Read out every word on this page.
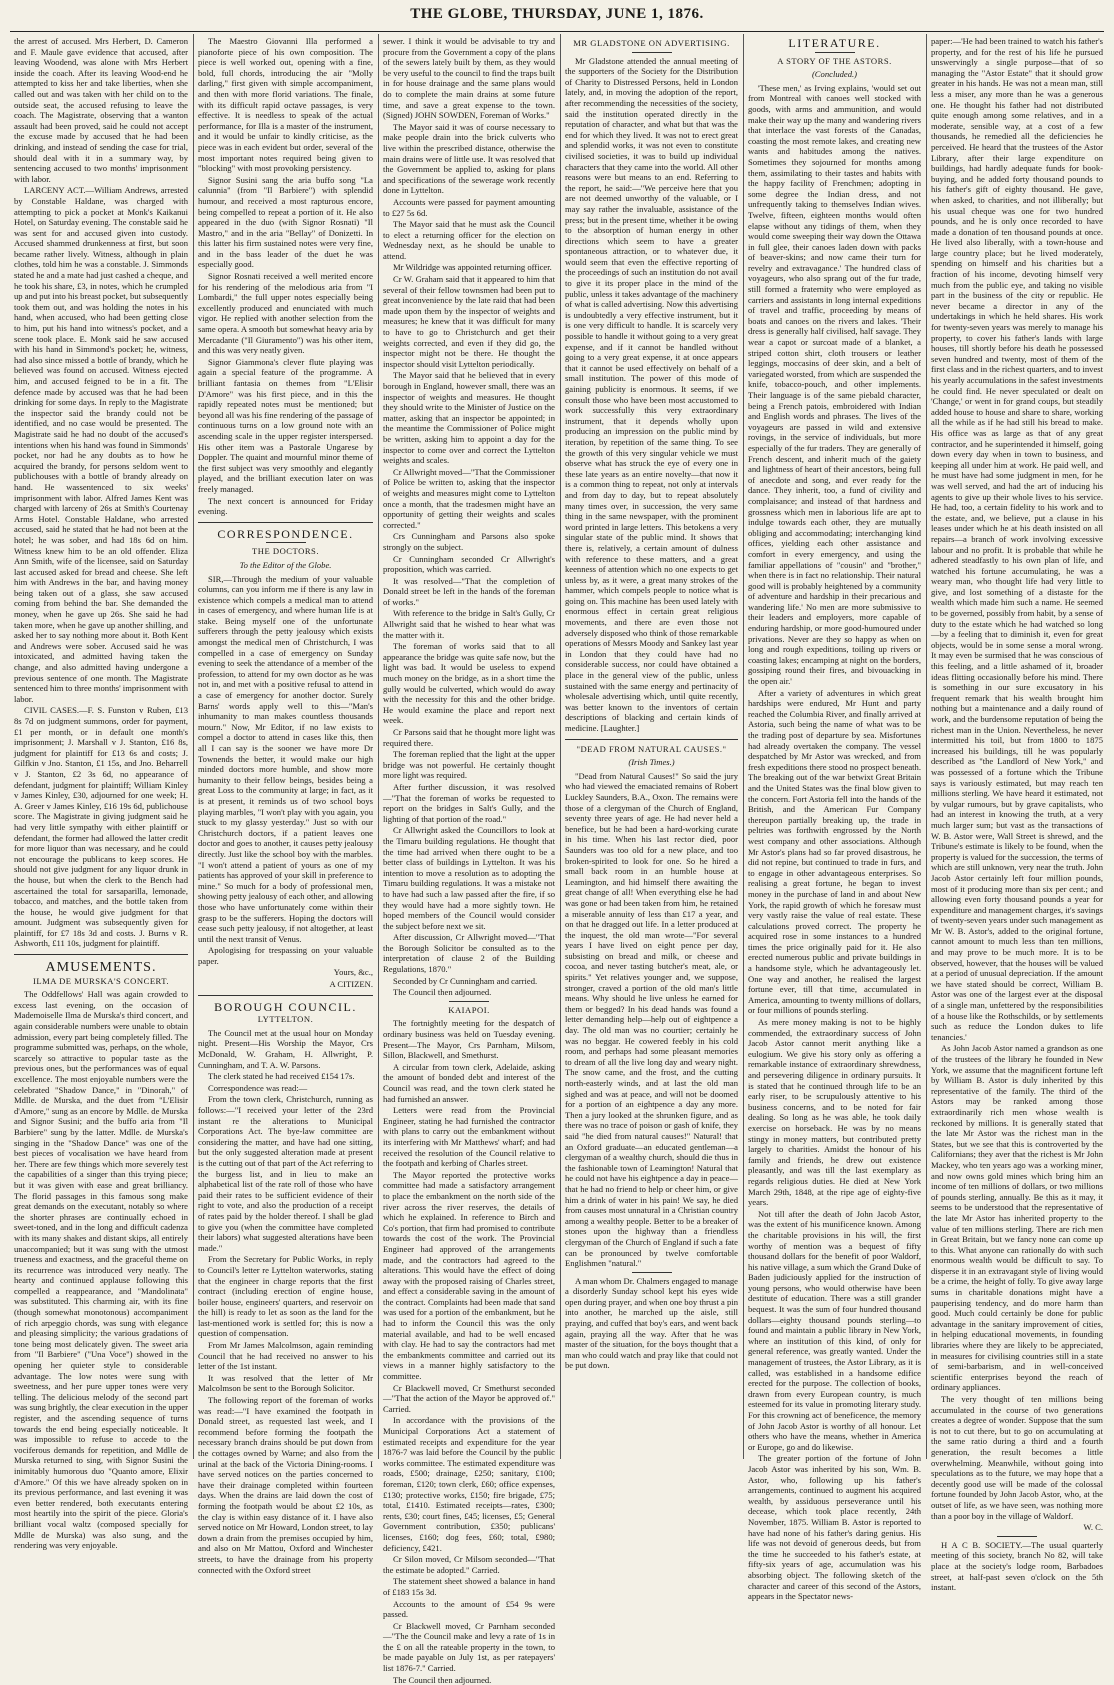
THE GLOBE, THURSDAY, JUNE 1, 1876.

the arrest of accused. Mrs Herbert, D. Cameron and F. Maule gave evidence that accused, after leaving Woodend, was alone with Mrs Herbert inside the coach. After its leaving Wood-end he attempted to kiss her and take liberties, when she called out and was taken with her child on to the outside seat, the accused refusing to leave the coach. The Magistrate, observing that a wanton assault had been proved, said he could not accept the excuse made by accused that he had been drinking, and instead of sending the case for trial, should deal with it in a summary way, by sentencing accused to two months' imprisonment with labor.

LARCENY ACT.—William Andrews, arrested by Constable Haldane, was charged with attempting to pick a pocket at Monk's Kaikanui Hotel, on Saturday evening. The constable said he was sent for and accused given into custody. Accused shammed drunkenness at first, but soon became rather lively. Witness, although in plain clothes, told him he was a constable. J. Simmonds stated he and a mate had just cashed a cheque, and he took his share, £3, in notes, which he crumpled up and put into his breast pocket, but subsequently took them out, and was holding the notes in his hand, when accused, who had been getting close to him, put his hand into witness's pocket, and a scene took place. E. Monk said he saw accused with his hand in Simmond's pocket; he, witness, had also since missed a bottle of brandy, which he believed was found on accused. Witness ejected him, and accused feigned to be in a fit. The defence made by accused was that he had been drinking for some days. In reply to the Magistrate the inspector said the brandy could not be identified, and no case would be presented. The Magistrate said he had no doubt of the accused's intentions when his hand was found in Simmonds' pocket, nor had he any doubts as to how he acquired the brandy, for persons seldom went to publichouses with a bottle of brandy already on hand. He wassentenced to six weeks' imprisonment with labor. Alfred James Kent was charged with larceny of 26s at Smith's Courtenay Arms Hotel. Constable Haldane, who arrested accused, said he stated that he had not been at the hotel; he was sober, and had 18s 6d on him. Witness knew him to be an old offender. Eliza Ann Smith, wife of the licensee, said on Saturday last accused asked for bread and cheese. She left him with Andrews in the bar, and having money being taken out of a glass, she saw accused coming from behind the bar. She demanded the money, when he gave up 26s. She said he had taken more, when he gave up another shilling, and asked her to say nothing more about it. Both Kent and Andrews were sober. Accused said he was intoxicated, and admitted having taken the change, and also admitted having undergone a previous sentence of one month. The Magistrate sentenced him to three months' imprisonment with labor.

CIVIL CASES.—F. S. Funston v Ruben, £13 8s 7d on judgment summons, order for payment, £1 per month, or in default one month's imprisonment; J. Marshall v J. Stanton, £16 8s, judgment for plaintiff for £13 6s and costs; J. Gilfkin v Jno. Stanton, £1 15s, and Jno. Beharrell v J. Stanton, £2 3s 6d, no appearance of defendant, judgment for plaintiff; William Kinley v James Kinley, £30, adjourned for one week; H. A. Greer v James Kinley, £16 19s 6d, publichouse score. The Magistrate in giving judgment said he had very little sympathy with either plaintiff or defendant, the former had allowed the latter credit for more liquor than was necessary, and he could not encourage the publicans to keep scores. He should not give judgment for any liquor drunk in the house, but when the clerk to the Bench had ascertained the total for sarsaparilla, lemonade, tobacco, and matches, and the bottle taken from the house, he would give judgment for that amount. Judgment was subsequently given for plaintiff, for £7 18s 3d and costs. J. Burns v R. Ashworth, £11 10s, judgment for plaintiff.

AMUSEMENTS.
ILMA DE MURSKA'S CONCERT.

The Oddfellows' Hall was again crowded to excess last evening, on the occasion of Mademoiselle Ilma de Murska's third concert, and again considerable numbers were unable to obtain admission, every part being completely filled. The programme submitted was, perhaps, on the whole, scarcely so attractive to popular taste as the previous ones, but the performances was of equal excellence. The most enjoyable numbers were the celebrated "Shadow Dance," in "Dinorah," of Mdlle. de Murska, and the duet from "L'Elisir d'Amore," sung as an encore by Mdlle. de Murska and Signor Susini; and the buffo aria from "Il Barbiere" sung by the latter. Mdlle. de Murska's singing in the "Shadow Dance" was one of the best pieces of vocalisation we have heard from her. There are few things which more severely test the capabilities of a singer than this trying piece; but it was given with ease and great brilliancy. The florid passages in this famous song make great demands on the executant, notably so where the shorter phrases are continually echoed in sweet-toned, and in the long and difficult cadenza with its many shakes and distant skips, all entirely unaccompanied; but it was sung with the utmost trueness and exactness, and the graceful theme on its recurrence was introduced very neatly. The hearty and continued applause following this compelled a reappearance, and "Mandolinata" was substituted. This charming air, with its fine (though somewhat monotonous) accompaniment of rich arpeggio chords, was sung with elegance and pleasing simplicity; the various gradations of tone being most delicately given. The sweet aria from "Il Barbiere" ("Una Voce") showed in the opening her quieter style to considerable advantage. The low notes were sung with sweetness, and her pure upper tones were very telling. The delicious melody of the second part was sung brightly, the clear execution in the upper register, and the ascending sequence of turns towards the end being especially noticeable. It was impossible to refuse to accede to the vociferous demands for repetition, and Mdlle de Murska returned to sing, with Signor Susini the inimitably humorous duo "Quanto amore, Elixir d'Amore." Of this we have already spoken on in its previous performance, and last evening it was even better rendered, both executants entering most heartily into the spirit of the piece. Gloria's brilliant vocal waltz (composed specially for Mdlle de Murska) was also sung, and the rendering was very enjoyable.

The Maestro Giovanni Illa performed a pianoforte piece of his own composition. The piece is well worked out, opening with a fine, bold, full chords, introducing the air "Molly darling," first given with simple accompaniment, and then with more florid variations. The finale, with its difficult rapid octave passages, is very effective. It is needless to speak of the actual performance, for Illa is a master of the instrument, and it would be unfair to kindly criticise, as the piece was in each evident but order, several of the most important notes required being given to "blocking" with most provoking persistency.

Signor Susini sang the aria buffo song "La calunnia" (from "Il Barbiere") with splendid humour, and received a most rapturous encore, being compelled to repeat a portion of it. He also appeared in the duo (with Signor Rosnati) "Il Mastro," and in the aria "Bellay" of Donizetti. In this latter his firm sustained notes were very fine, and in the bass leader of the duet he was especially good.

Signor Rosnati received a well merited encore for his rendering of the melodious aria from "I Lombardi," the full upper notes especially being excellently produced and enunciated with much vigor. He replied with another selection from the same opera. A smooth but somewhat heavy aria by Mercadante ("Il Giuramento") was his other item, and this was very neatly given.

Signor Giammona's clever flute playing was again a special feature of the programme. A brilliant fantasia on themes from "L'Elisir D'Amore" was his first piece, and in this the rapidly repeated notes must be mentioned; but beyond all was his fine rendering of the passage of continuous turns on a low ground note with an ascending scale in the upper register interspersed. His other item was a Pastorale Ungarese by Doppler. The quaint and mournful minor theme of the first subject was very smoothly and elegantly played, and the brilliant execution later on was freely managed.

The next concert is announced for Friday evening.

CORRESPONDENCE.
THE DOCTORS.
To the Editor of the Globe.

SIR,—Through the medium of your valuable columns, can you inform me if there is any law in existence which compels a medical man to attend in cases of emergency, and where human life is at stake. Being myself one of the unfortunate sufferers through the petty jealousy which exists amongst the medical men of Christchurch, I was compelled in a case of emergency on Sunday evening to seek the attendance of a member of the profession, to attend for my own doctor as he was not in, and met with a positive refusal to attend in a case of emergency for another doctor. Surely Barns' words apply well to this—"Man's inhumanity to man makes countless thousands mourn." Now, Mr Editor, if no law exists to compel a doctor to attend in cases like this, then all I can say is the sooner we have more Dr Townends the better, it would make our high minded doctors more humble, and show more humanity to their fellow beings, besides being a great Loss to the community at large; in fact, as it is at present, it reminds us of two school boys playing marbles, "I won't play with you again, you stuck to my glassy yesterday." Just so with our Christchurch doctors, if a patient leaves one doctor and goes to another, it causes petty jealousy directly. Just like the school boy with the marbles. "I won't attend a patient of yours as one of my patients has approved of your skill in preference to mine." So much for a body of professional men, showing petty jealousy of each other, and allowing those who have unfortunately come within their grasp to be the sufferers. Hoping the doctors will cease such petty jealousy, if not altogether, at least until the next transit of Venus.

Apologising for trespassing on your valuable paper.

Yours, &c.,

A CITIZEN.

BOROUGH COUNCIL.
LYTTELTON.

The Council met at the usual hour on Monday night. Present—His Worship the Mayor, Crs McDonald, W. Graham, H. Allwright, P. Cunningham, and T. A. W. Parsons.

The clerk stated he had received £154 17s.

Correspondence was read:—

From the town clerk, Christchurch, running as follows:—"I received your letter of the 23rd instant re the alterations to Municipal Corporations Act. The bye-law committee are considering the matter, and have had one sitting, but the only suggested alteration made at present is the cutting out of that part of the Act referring to the burgess list, and in lieu to make an alphabetical list of the rate roll of those who have paid their rates to be sufficient evidence of their right to vote, and also the production of a receipt of rates paid by the holder thereof. I shall be glad to give you (when the committee have completed their labors) what suggested alterations have been made."

From the Secretary for Public Works, in reply to Council's letter re Lyttelton waterworks, stating that the engineer in charge reports that the first contract (including erection of engine house, boiler house, engineers' quarters, and reservoir on the hill) is ready to let as soon as the land for the last-mentioned work is settled for; this is now a question of compensation.

From Mr James Malcolmson, again reminding Council that he had received no answer to his letter of the 1st instant.

It was resolved that the letter of Mr Malcolmson be sent to the Borough Solicitor.

The following report of the foreman of works was read:—"I have examined the footpath in Donald street, as requested last week, and I recommend before forming the footpath the necessary branch drains should be put down from the cottages owned by Warne; and also from the urinal at the back of the Victoria Dining-rooms. I have served notices on the parties concerned to have their drainage completed within fourteen days. When the drains are laid down the cost of forming the footpath would be about £2 10s, as the clay is within easy distance of it. I have also served notice on Mr Howard, London street, to lay down a drain from the premises occupied by him, and also on Mr Mattou, Oxford and Winchester streets, to have the drainage from his property connected with the Oxford street

sewer. I think it would be advisable to try and procure from the Government a copy of the plans of the sewers lately built by them, as they would be very useful to the council to find the traps built in for house drainage and the same plans would do to complete the main drains at some future time, and save a great expense to the town. (Signed) JOHN SOWDEN, Foreman of Works."

The Mayor said it was of course necessary to make people drain into the brick culverts who live within the prescribed distance, otherwise the main drains were of little use. It was resolved that the Government be applied to, asking for plans and specifications of the sewerage work recently done in Lyttelton.

Accounts were passed for payment amounting to £27 5s 6d.

The Mayor said that he must ask the Council to elect a returning officer for the election on Wednesday next, as he should be unable to attend.

Mr Wildridge was appointed returning officer.

Cr W. Graham said that it appeared to him that several of their fellow townsmen had been put to great inconvenience by the late raid that had been made upon them by the inspector of weights and measures; he knew that it was difficult for many to have to go to Christchurch and get their weights corrected, and even if they did go, the inspector might not be there. He thought the inspector should visit Lyttelton periodically.

The Mayor said that he believed that in every borough in England, however small, there was an inspector of weights and measures. He thought they should write to the Minister of Justice on the matter, asking that an inspector be appointed; in the meantime the Commissioner of Police might be written, asking him to appoint a day for the inspector to come over and correct the Lyttelton weights and scales.

Cr Allwright moved—"That the Commissioner of Police be written to, asking that the inspector of weights and measures might come to Lyttelton once a month, that the tradesmen might have an opportunity of getting their weights and scales corrected."

Crs Cunningham and Parsons also spoke strongly on the subject.

Cr Cunningham seconded Cr Allwright's proposition, which was carried.

It was resolved—"That the completion of Donald street be left in the hands of the foreman of works."

With reference to the bridge in Salt's Gully, Cr Allwright said that he wished to hear what was the matter with it.

The foreman of works said that to all appearance the bridge was quite safe now, but the light was bad. It would be useless to expend much money on the bridge, as in a short time the gully would be culverted, which would do away with the necessity for this and the other bridge. He would examine the place and report next week.

Cr Parsons said that he thought more light was required there.

The foreman replied that the light at the upper bridge was not powerful. He certainly thought more light was required.

After further discussion, it was resolved—"That the foreman of works be requested to report on the bridges in Salt's Gully, and the lighting of that portion of the road."

Cr Allwright asked the Councillors to look at the Timaru building regulations. He thought that the time had arrived when there ought to be a better class of buildings in Lyttelton. It was his intention to move a resolution as to adopting the Timaru building regulations. It was a mistake not to have had such a law passed after the fire, if so they would have had a more sightly town. He hoped members of the Council would consider the subject before next we sit.

After discussion, Cr Allwright moved—"That the Borough Solicitor be consulted as to the interpretation of clause 2 of the Building Regulations, 1870."

Seconded by Cr Cunningham and carried.

The Council then adjourned.

KAIAPOI.

The fortnightly meeting for the despatch of ordinary business was held on Tuesday evening. Present—The Mayor, Crs Parnham, Milsom, Sillon, Blackwell, and Smethurst.

A circular from town clerk, Adelaide, asking the amount of bonded debt and interest of the Council was read, and the town clerk stated he had furnished an answer.

Letters were read from the Provincial Engineer, stating he had furnished the contractor with plans to carry out the embankment without its interfering with Mr Matthews' wharf; and had received the resolution of the Council relative to the footpath and kerbing of Charles street.

The Mayor reported the protective works committee had made a satisfactory arrangement to place the embankment on the north side of the river across the river reserves, the details of which he explained. In reference to Birch and Co's portion, that firm had promised to contribute towards the cost of the work. The Provincial Engineer had approved of the arrangements made, and the contractors had agreed to the alterations. This would have the effect of doing away with the proposed raising of Charles street, and effect a considerable saving in the amount of the contract. Complaints had been made that sand was used for a portion of the embankment, but he had to inform the Council this was the only material available, and had to be well encased with clay. He had to say the contractors had met the embankments committee and carried out its views in a manner highly satisfactory to the committee.

Cr Blackwell moved, Cr Smethurst seconded—"That the action of the Mayor be approved of." Carried.

In accordance with the provisions of the Municipal Corporations Act a statement of estimated receipts and expenditure for the year 1876-7 was laid before the Council by the public works committee. The estimated expenditure was roads, £500; drainage, £250; sanitary, £100; foreman, £120; town clerk, £60; office expenses, £130; protective works, £150; fire brigade, £75; total, £1410. Estimated receipts—rates, £300; rents, £30; court fines, £45; licenses, £5; General Government contribution, £350; publicans' licenses, £160; dog fees, £60; total, £980; deficiency, £421.

Cr Silon moved, Cr Milsom seconded—"That the estimate be adopted." Carried.

The statement sheet showed a balance in hand of £183 15s 3d.

Accounts to the amount of £54 9s were passed.

Cr Blackwell moved, Cr Parnham seconded—"The the Council make and levy a rate of 1s in the £ on all the rateable property in the town, to be made payable on July 1st, as per ratepayers' list 1876-7." Carried.

The Council then adjourned.

MR GLADSTONE ON ADVERTISING.

Mr Gladstone attended the annual meeting of the supporters of the Society for the Distribution of Charity to Distressed Persons, held in London lately, and, in moving the adoption of the report, after recommending the necessities of the society, said the institution operated directly in the reputation of character, and what but that was the end for which they lived. It was not to erect great and splendid works, it was not even to constitute civilised societies, it was to build up individual characters that they came into the world. All other reasons were but means to an end. Referring to the report, he said:—"We perceive here that you are not deemed unworthy of the valuable, or I may say rather the invaluable, assistance of the press; but in the present time, whether it be owing to the absorption of human energy in other directions which seem to have a greater spontaneous attraction, or to whatever due, it would seem that even the effective reporting of the proceedings of such an institution do not avail to give it its proper place in the mind of the public, unless it takes advantage of the machinery of what is called advertising. Now this advertising is undoubtedly a very effective instrument, but it is one very difficult to handle. It is scarcely very possible to handle it without going to a very great expense, and if it cannot be handled without going to a very great expense, it at once appears that it cannot be used effectively on behalf of a small institution. The power of this mode of gaining publicity is enormous. It seems, if we consult those who have been most accustomed to work successfully this very extraordinary instrument, that it depends wholly upon producing an impression on the public mind by iteration, by repetition of the same thing. To see the growth of this very singular vehicle we must observe what has struck the eye of every one in these late years as an entire novelty—that now it is a common thing to repeat, not only at intervals and from day to day, but to repeat absolutely many times over, in succession, the very same thing in the same newspaper, with the prominent word printed in large letters. This betokens a very singular state of the public mind. It shows that there is, relatively, a certain amount of dulness with reference to these matters, and a great keenness of attention which no one expects to get unless by, as it were, a great many strokes of the hammer, which compels people to notice what is going on. This machine has been used lately with enormous effect in certain great religious movements, and there are even those not adversely disposed who think of those remarkable operations of Messrs Moody and Sankey last year in London that they could have had no considerable success, nor could have obtained a place in the general view of the public, unless sustained with the same energy and pertinacity of wholesale advertising which, until quite recently, was better known to the inventors of certain descriptions of blacking and certain kinds of medicine. [Laughter.]

"DEAD FROM NATURAL CAUSES."
(Irish Times.)

"Dead from Natural Causes!" So said the jury who had viewed the emaciated remains of Robert Luckley Saunders, B.A., Oxon. The remains were those of a clergyman of the Church of England, seventy three years of age. He had never held a benefice, but he had been a hard-working curate in his time. When his last rector died, poor Saunders was too old for a new place, and too broken-spirited to look for one. So he hired a small back room in an humble house at Leamington, and hid himself there awaiting the great change of all! When everything else he had was gone or had been taken from him, he retained a miserable annuity of less than £17 a year, and on that he dragged out life. In a letter produced at the inquest, the old man wrote—"For several years I have lived on eight pence per day, subsisting on bread and milk, or cheese and cocoa, and never tasting butcher's meat, ale, or spirits." Yet relatives younger and, we suppose, stronger, craved a portion of the old man's little means. Why should he live unless he earned for them or begged? In his dead hands was found a letter demanding help—help out of eightpence a day. The old man was no courtier; certainly he was no beggar. He cowered feebly in his cold room, and perhaps had some pleasant memories to dream of all the live long day and weary night. The snow came, and the frost, and the cutting north-easterly winds, and at last the old man sighed and was at peace, and will not be doomed for a portion of an eightpence a day any more. Then a jury looked at the shrunken figure, and as there was no trace of poison or gash of knife, they said "he died from natural causes!" Natural! that an Oxford graduate—an educated gentleman—a clergyman of a wealthy church, should die thus in the fashionable town of Leamington! Natural that he could not have his eightpence a day in peace—that he had no friend to help or cheer him, or give him a drink of water in his pain! We say, he died from causes most unnatural in a Christian country among a wealthy people. Better to be a breaker of stones upon the highway than a friendless clergyman of the Church of England if such a fate can be pronounced by twelve comfortable Englishmen "natural."

A man whom Dr. Chalmers engaged to manage a disorderly Sunday school kept his eyes wide open during prayer, and when one boy thrust a pin into another, he marched up the aisle, still praying, and cuffed that boy's ears, and went back again, praying all the way. After that he was master of the situation, for the boys thought that a man who could watch and pray like that could not be put down.

LITERATURE.
A STORY OF THE ASTORS.
(Concluded.)

'These men,' as Irving explains, 'would set out from Montreal with canoes well stocked with goods, with arms and ammunition, and would make their way up the many and wandering rivers that interlace the vast forests of the Canadas, coasting the most remote lakes, and creating new wants and habitudes among the natives. Sometimes they sojourned for months among them, assimilating to their tastes and habits with the happy facility of Frenchmen; adopting in some degree the Indian dress, and not unfrequently taking to themselves Indian wives. Twelve, fifteen, eighteen months would often elapse without any tidings of them, when they would come sweeping their way down the Ottawa in full glee, their canoes laden down with packs of beaver-skins; and now came their turn for revelry and extravagance.' The hundred class of voyageurs, who also sprang out of the fur trade, still formed a fraternity who were employed as carriers and assistants in long internal expeditions of travel and traffic, proceeding by means of boats and canoes on the rivers and lakes. 'Their dress is generally half civilised, half savage. They wear a capot or surcoat made of a blanket, a striped cotton shirt, cloth trousers or leather leggings, moccasins of deer skin, and a belt of variegated worsted, from which are suspended the knife, tobacco-pouch, and other implements. Their language is of the same piebald character, being a French patois, embroidered with Indian and English words and phrases. The lives of the voyageurs are passed in wild and extensive rovings, in the service of individuals, but more especially of the fur traders. They are generally of French descent, and inherit much of the gaiety and lightness of heart of their ancestors, being full of anecdote and song, and ever ready for the dance. They inherit, too, a fund of civility and complaisance; and instead of that hardness and grossness which men in laborious life are apt to indulge towards each other, they are mutually obliging and accommodating; interchanging kind offices, yielding each other assistance and comfort in every emergency, and using the familiar appellations of "cousin" and "brother," when there is in fact no relationship. Their natural good will is probably heightened by a community of adventure and hardship in their precarious and wandering life.' No men are more submissive to their leaders and employers, more capable of enduring hardship, or more good-humoured under privations. Never are they so happy as when on long and rough expeditions, toiling up rivers or coasting lakes; encamping at night on the borders, gossiping round their fires, and bivouacking in the open air.'

After a variety of adventures in which great hardships were endured, Mr Hunt and party reached the Columbia River, and finally arrived at Astoria, such being the name of what was to be the trading post of departure by sea. Misfortunes had already overtaken the company. The vessel despatched by Mr Astor was wrecked, and from fresh expeditions there stood no prospect beneath. The breaking out of the war betwixt Great Britain and the United States was the final blow given to the concern. Fort Astoria fell into the hands of the British, and the American Fur Company thereupon partially breaking up, the trade in peltries was forthwith engrossed by the North west company and other associations. Although Mr Astor's plans had so far proved disastrous, he did not repine, but continued to trade in furs, and to engage in other advantageous enterprises. So realising a great fortune, he began to invest money in the purchase of land in and about New York, the rapid growth of which he foresaw must very vastly raise the value of real estate. These calculations proved correct. The property he acquired rose in some instances to a hundred times the price originally paid for it. He also erected numerous public and private buildings in a handsome style, which he advantageously let. One way and another, he realised the largest fortune ever, till that time, accumulated in America, amounting to twenty millions of dollars, or four millions of pounds sterling.

As mere money making is not to be highly commended, the extraordinary success of John Jacob Astor cannot merit anything like a eulogium. We give his story only as offering a remarkable instance of extraordinary shrewdness, and persevering diligence in ordinary pursuits. It is stated that he continued through life to be an early riser, to be scrupulously attentive to his business concerns, and to be noted for fair dealing. So long as he was able, he took daily exercise on horseback. He was by no means stingy in money matters, but contributed pretty largely to charities. Amidst the honour of his family and friends, he drew out existence pleasantly, and was till the last exemplary as regards religious duties. He died at New York March 29th, 1848, at the ripe age of eighty-five years.

Not till after the death of John Jacob Astor, was the extent of his munificence known. Among the charitable provisions in his will, the first worthy of mention was a bequest of fifty thousand dollars for the benefit of poor Waldorf, his native village, a sum which the Grand Duke of Baden judiciously applied for the instruction of young persons, who would otherwise have been destitute of education. There was a still grander bequest. It was the sum of four hundred thousand dollars—eighty thousand pounds sterling—to found and maintain a public library in New York, where an institution of this kind, of only for general reference, was greatly wanted. Under the management of trustees, the Astor Library, as it is called, was established in a handsome edifice erected for the purpose. The collection of books, drawn from every European country, is much esteemed for its value in promoting literary study. For this crowning act of beneficence, the memory of John Jacob Astor is worthy of all honour. Let others who have the means, whether in America or Europe, go and do likewise.

The greater portion of the fortune of John Jacob Astor was inherited by his son, Wm. B. Astor, who, following up his father's arrangements, continued to augment his acquired wealth, by assiduous perseverance until his decease, which took place recently, 24th November, 1875. William B. Astor is reported to have had none of his father's daring genius. His life was not devoid of generous deeds, but from the time he succeeded to his father's estate, at fifty-six years of age, accumulation was his absorbing object. The following sketch of the character and career of this second of the Astors, appears in the Spectator news-

paper:—'He had been trained to watch his father's property, and for the rest of his life he pursued unswervingly a single purpose—that of so managing the "Astor Estate" that it should grow greater in his hands. He was not a mean man, still less a miser, any more than he was a generous one. He thought his father had not distributed quite enough among some relatives, and in a moderate, sensible way, at a cost of a few thousands, he remedied all the deficiencies he perceived. He heard that the trustees of the Astor Library, after their large expenditure on buildings, had hardly adequate funds for book-buying, and he added forty thousand pounds to his father's gift of eighty thousand. He gave, when asked, to charities, and not illiberally; but his usual cheque was one for two hundred pounds, and he is only once recorded to have made a donation of ten thousand pounds at once. He lived also liberally, with a town-house and large country place; but he lived moderately, spending on himself and his charities but a fraction of his income, devoting himself very much from the public eye, and taking no visible part in the business of the city or republic. He never became a director in any of the undertakings in which he held shares. His work for twenty-seven years was merely to manage his property, to cover his father's lands with large houses, till shortly before his death he possessed seven hundred and twenty, most of them of the first class and in the richest quarters, and to invest his yearly accumulations in the safest investments he could find. He never speculated or dealt on 'Change,' or went in for grand coups, but steadily added house to house and share to share, working all the while as if he had still his bread to make. His office was as large as that of any great contractor, and he superintended it himself, going down every day when in town to business, and keeping all under him at work. He paid well, and he must have had some judgment in men, for he was well served, and had the art of inducing his agents to give up their whole lives to his service. He had, too, a certain fidelity to his work and to the estate, and, we believe, put a clause in his leases under which he at his death insisted on all repairs—a branch of work involving excessive labour and no profit. It is probable that while he adhered steadfastly to his own plan of life, and watched his fortune accumulating, he was a weary man, who thought life had very little to give, and lost something of a distaste for the wealth which made him such a name. He seemed to be governed, possibly from habit, by a sense of duty to the estate which he had watched so long—by a feeling that to diminish it, even for great objects, would be in some sense a moral wrong. It may even be surmised that he was conscious of this feeling, and a little ashamed of it, broader ideas flitting occasionally before his mind. There is something in our sure excusatory in his frequent remark that his wealth brought him nothing but a maintenance and a daily round of work, and the burdensome reputation of being the richest man in the Union. Nevertheless, he never intermitted his toil, but from 1800 to 1875 increased his buildings, till he was popularly described as "the Landlord of New York," and was possessed of a fortune which the Tribune says is variously estimated, but may reach ten millions sterling. We have heard it estimated, not by vulgar rumours, but by grave capitalists, who had an interest in knowing the truth, at a very much larger sum; but vast as the transactions of W. B. Astor were, Wall Street is shrewd, and the Tribune's estimate is likely to be found, when the property is valued for the succession, the terms of which are still unknown, very near the truth. John Jacob Astor certainly left four million pounds, most of it producing more than six per cent.; and allowing even forty thousand pounds a year for expenditure and management charges, it's savings of twenty-seven years under such management as Mr W. B. Astor's, added to the original fortune, cannot amount to much less than ten millions, and may prove to be much more. It is to be observed, however, that the houses will be valued at a period of unusual depreciation. If the amount we have stated should be correct, William B. Astor was one of the largest ever at the disposal of a single man, unfettered by the responsibilities of a house like the Rothschilds, or by settlements such as reduce the London dukes to life tenancies.'

As John Jacob Astor named a grandson as one of the trustees of the library he founded in New York, we assume that the magnificent fortune left by William B. Astor is duly inherited by this representative of the family. The third of the Astors may be ranked among those extraordinarily rich men whose wealth is reckoned by millions. It is generally stated that the late Mr Astor was the richest man in the States, but we see that this is controverted by the Californians; they aver that the richest is Mr John Mackey, who ten years ago was a working miner, and now owns gold mines which bring him an income of ten millions of dollars, or two millions of pounds sterling, annually. Be this as it may, it seems to be understood that the representative of the late Mr Astor has inherited property to the value of ten millions sterling. There are rich men in Great Britain, but we fancy none can come up to this. What anyone can rationally do with such enormous wealth would be difficult to say. To disperse it in an extravagant style of living would be a crime, the height of folly. To give away large sums in charitable donations might have a pauperising tendency, and do more harm than good. Much could certainly be done for public advantage in the sanitary improvement of cities, in helping educational movements, in founding libraries where they are likely to be appreciated, in measures for civilising countries still in a state of semi-barbarism, and in well-conceived scientific enterprises beyond the reach of ordinary appliances.

The very thought of ten millions being accumulated in the course of two generations creates a degree of wonder. Suppose that the sum is not to cut there, but to go on accumulating at the same ratio during a third and a fourth generation, the result becomes a little overwhelming. Meanwhile, without going into speculations as to the future, we may hope that a decently good use will be made of the colossal fortune founded by John Jacob Astor, who, at the outset of life, as we have seen, was nothing more than a poor boy in the village of Waldorf.

W. C.

H A C B. SOCIETY.—The usual quarterly meeting of this society, branch No 82, will take place at the society's lodge room, Barbadoes street, at half-past seven o'clock on the 5th instant.
